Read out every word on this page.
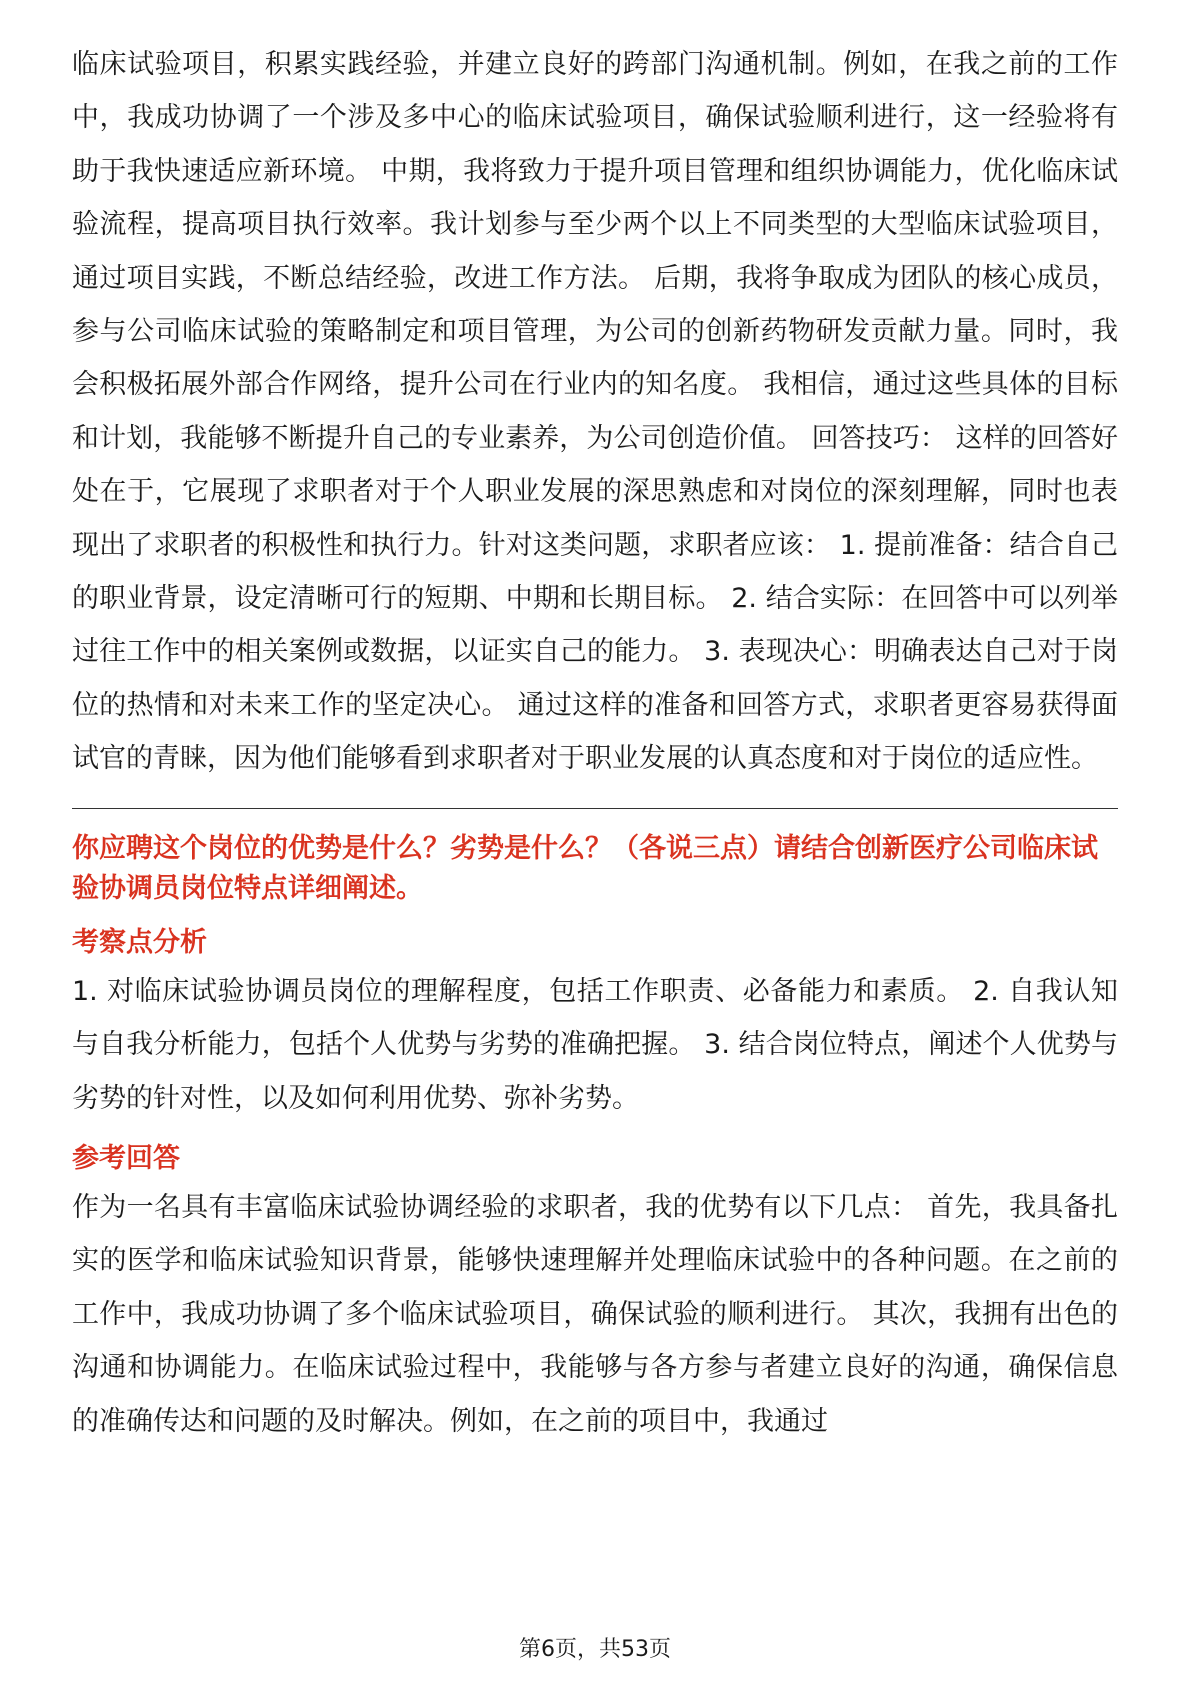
临床试验项目，积累实践经验，并建立良好的跨部门沟通机制。例如，在我之前的工作中，我成功协调了一个涉及多中心的临床试验项目，确保试验顺利进行，这一经验将有助于我快速适应新环境。 中期，我将致力于提升项目管理和组织协调能力，优化临床试验流程，提高项目执行效率。我计划参与至少两个以上不同类型的大型临床试验项目，通过项目实践，不断总结经验，改进工作方法。 后期，我将争取成为团队的核心成员，参与公司临床试验的策略制定和项目管理，为公司的创新药物研发贡献力量。同时，我会积极拓展外部合作网络，提升公司在行业内的知名度。 我相信，通过这些具体的目标和计划，我能够不断提升自己的专业素养，为公司创造价值。 回答技巧： 这样的回答好处在于，它展现了求职者对于个人职业发展的深思熟虑和对岗位的深刻理解，同时也表现出了求职者的积极性和执行力。针对这类问题，求职者应该： 1. 提前准备：结合自己的职业背景，设定清晰可行的短期、中期和长期目标。 2. 结合实际：在回答中可以列举过往工作中的相关案例或数据，以证实自己的能力。 3. 表现决心：明确表达自己对于岗位的热情和对未来工作的坚定决心。 通过这样的准备和回答方式，求职者更容易获得面试官的青睐，因为他们能够看到求职者对于职业发展的认真态度和对于岗位的适应性。

你应聘这个岗位的优势是什么？劣势是什么？（各说三点）请结合创新医疗公司临床试验协调员岗位特点详细阐述。

考察点分析

1. 对临床试验协调员岗位的理解程度，包括工作职责、必备能力和素质。 2. 自我认知与自我分析能力，包括个人优势与劣势的准确把握。 3. 结合岗位特点，阐述个人优势与劣势的针对性，以及如何利用优势、弥补劣势。

参考回答

作为一名具有丰富临床试验协调经验的求职者，我的优势有以下几点： 首先，我具备扎实的医学和临床试验知识背景，能够快速理解并处理临床试验中的各种问题。在之前的工作中，我成功协调了多个临床试验项目，确保试验的顺利进行。 其次，我拥有出色的沟通和协调能力。在临床试验过程中，我能够与各方参与者建立良好的沟通，确保信息的准确传达和问题的及时解决。例如，在之前的项目中，我通过

第6页，共53页
